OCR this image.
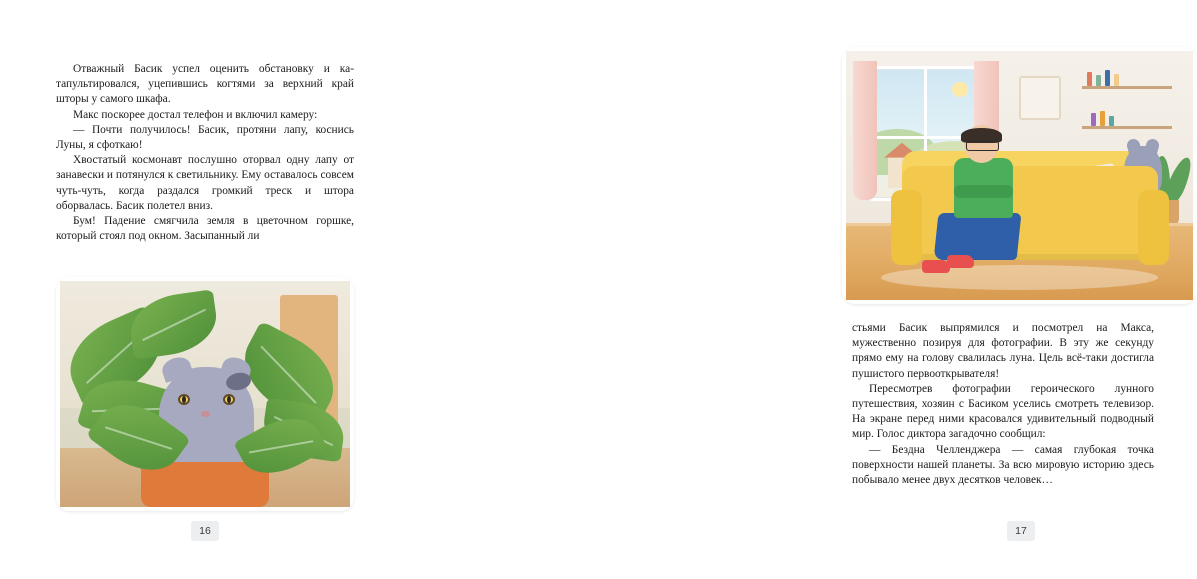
Отважный Басик успел оценить обстановку и катапультировался, уцепившись когтями за верхний край шторы у самого шкафа.

Макс поскорее достал телефон и включил камеру:

— Почти получилось! Басик, протяни лапу, коснись Луны, я сфоткаю!

Хвостатый космонавт послушно оторвал одну лапу от занавески и потянулся к светильнику. Ему оставалось совсем чуть-чуть, когда раздался громкий треск и штора оборвалась. Басик полетел вниз.

Бум! Падение смягчила земля в цветочном горшке, который стоял под окном. Засыпанный ли

16

стьями Басик выпрямился и посмотрел на Макса, мужественно позируя для фотографии. В эту же секунду прямо ему на голову свалилась луна. Цель всё-таки достигла пушистого первооткрывателя!

Пересмотрев фотографии героического лунного путешествия, хозяин с Басиком уселись смотреть телевизор. На экране перед ними красовался удивительный подводный мир. Голос диктора загадочно сообщил:

— Бездна Челленджера — самая глубокая точка поверхности нашей планеты. За всю мировую историю здесь побывало менее двух десятков человек…

17
